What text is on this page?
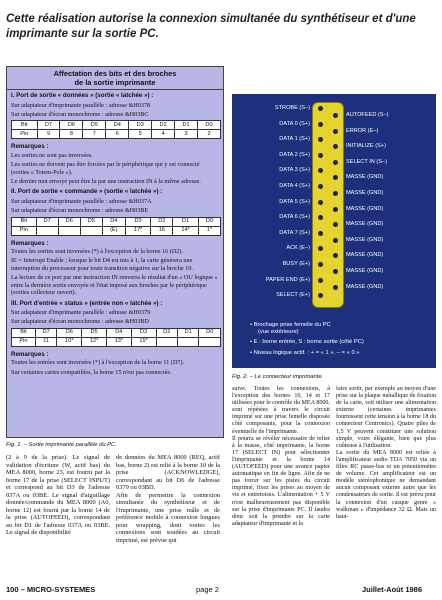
Cette réalisation autorise la connexion simultanée du synthétiseur et d'une imprimante sur la sortie PC.
Affectation des bits et des broches
de la sortie imprimante
I. Port de sortie « données » (sortie « latchée ») :
Sur adaptateur d'imprimante parallèle : adresse &H0378
Sur adaptateur d'écran monochrome : adresse &H03BC
Bit	D7	D6	D5	D4	D3	D2	D1	D0
Pin	9	8	7	6	5	4	3	2
Remarques :
Les sorties ne sont pas inversées.
Les sorties ne doivent pas être forcées par le périphérique qui y est connecté (sorties « Totem-Pole »).
Le dernier mot envoyé peut être lu par une instruction IN à la même adresse.
II. Port de sortie « commande » (sortie « latchée ») :
Sur adaptateur d'imprimante parallèle : adresse &H037A
Sur adaptateur d'écran monochrome : adresse &H03BE
Bit	D7	D6	D5	D4	D3	D2	D1	D0
Pin				(E)	17*	16	14*	1*
Remarques :
Toutes les sorties sont inversées (*) à l'exception de la borne 16 (D2).
IE = Interrupt Enable ; lorsque le bit D4 est mis à 1, la carte génèrera une interruption du processeur pour toute transition négative sur la broche 10.
La lecture de ce port par une instruction IN renverra le résultat d'un « OU logique » entre la dernière sortie envoyée et l'état imposé aux broches par le périphérique (sorties collecteur ouvert).
III. Port d'entrée « status » (entrée non « latchée ») :
Sur adaptateur d'imprimante parallèle : adresse &H0379
Sur adaptateur d'écran monochrome : adresse &H03BD
Bit	D7	D6	D5	D4	D3	D2	D1	D0
Pin	11	10*	12*	13*	15*			
Remarques :
Toutes les entrées sont inversées (*) à l'exception de la borne 11 (D7).
Sur certaines cartes compatibles, la borne 15 n'est pas connectée.
STROBE (S–)
DATA 0 (S+)
DATA 1 (S+)
DATA 2 (S+)
DATA 3 (S+)
DATA 4 (S+)
DATA 5 (S+)
DATA 6 (S+)
DATA 7 (S+)
ACK (E–)
BUSY (E+)
PAPER END (E+)
SELECT (E+)
AUTOFEED (S–)
ERROR (E–)
INITIALIZE (S+)
SELECT IN (S–)
MASSE (GND)
MASSE (GND)
MASSE (GND)
MASSE (GND)
MASSE (GND)
MASSE (GND)
MASSE (GND)
MASSE (GND)
• Brochage prise femelle du PC
(vue extérieure)
• E : borne entrée, S : borne sortie (côté PC)
• Niveau logique actif. : + = « 1 ». – = « 0 »
Fig. 1. – Sortie imprimante parallèle du PC.
Fig. 2. – Le connecteur imprimante.
(2 à 9 de la prise). Le signal de validation d'écriture (W, actif bas) du MEA 8000, borne 23, est fourni par la borne 17 de la prise (SELECT INPUT) et correspond au bit D3 de l'adresse 037A ou 03BE. Le signal d'aiguillage donnée/commande du MEA 8000 (A0, borne 12) est fourni par la borne 14 de la prise (AUTOFEED), correspondant au bit D1 de l'adresse 037A ou 03BE. Le signal de disponibilité
de données du MEA 8000 (REQ, actif bas, borne 2) est relié à la borne 10 de la prise (ACKNOWLEDGE), correspondant au bit D6 de l'adresse 0379 ou 03BD.
Afin de permettre la connexion simultanée du synthétiseur et de l'imprimante, une prise mâle et de préférence mobile à connexion longues pour wrapping, dont toutes les connexions sont soudées au circuit imprimé, est prévue qui
suive. Toutes les connexions, à l'exception des bornes 10, 14 et 17 utilisées pour le contrôle du MEA 8000, sont répétées à travers le circuit imprimé sur une prise femelle disposée côté composants, pour la connexion éventuelle de l'imprimante.
Il pourra se révéler nécessaire de relier à la masse, côté imprimante, la borne 17 (SELECT IN) pour sélectionner l'imprimante et la borne 14 (AUTOFEED) pour une avance papier automatique en fin de ligne. Afin de ne pas forcer sur les pistes du circuit imprimé, fixez les prises au moyen de vis et entretoises. L'alimentation + 5 V n'est malheureusement pas disponible sur la prise d'imprimante PC. Il faudra donc soit la prendre sur la carte adaptateur d'imprimante et la
faire sortir, par exemple au moyen d'une prise sur la plaque métallique de fixation de la carte, soit utiliser une alimentation externe (certaines imprimantes fournissent cette tension à la borne 18 du connecteur Centronics). Quatre piles de 1,5 V peuvent constituer une solution simple, voire élégante, bien que plus coûteuse à l'utilisation.
La sortie du MEA 8000 est reliée à l'amplificateur audio TDA 7050 via un filtre RC passe-bas et un potentiomètre de volume. Cet amplificateur est un modèle stéréophonique ne demandant aucun composant externe autre que les condensateurs de sortie. Il est prévu pour la connexion d'un casque genre « walkman » d'impédance 32 Ω. Mais un haut-
100 – MICRO-SYSTEMES	page 2	Juillet-Août 1986
